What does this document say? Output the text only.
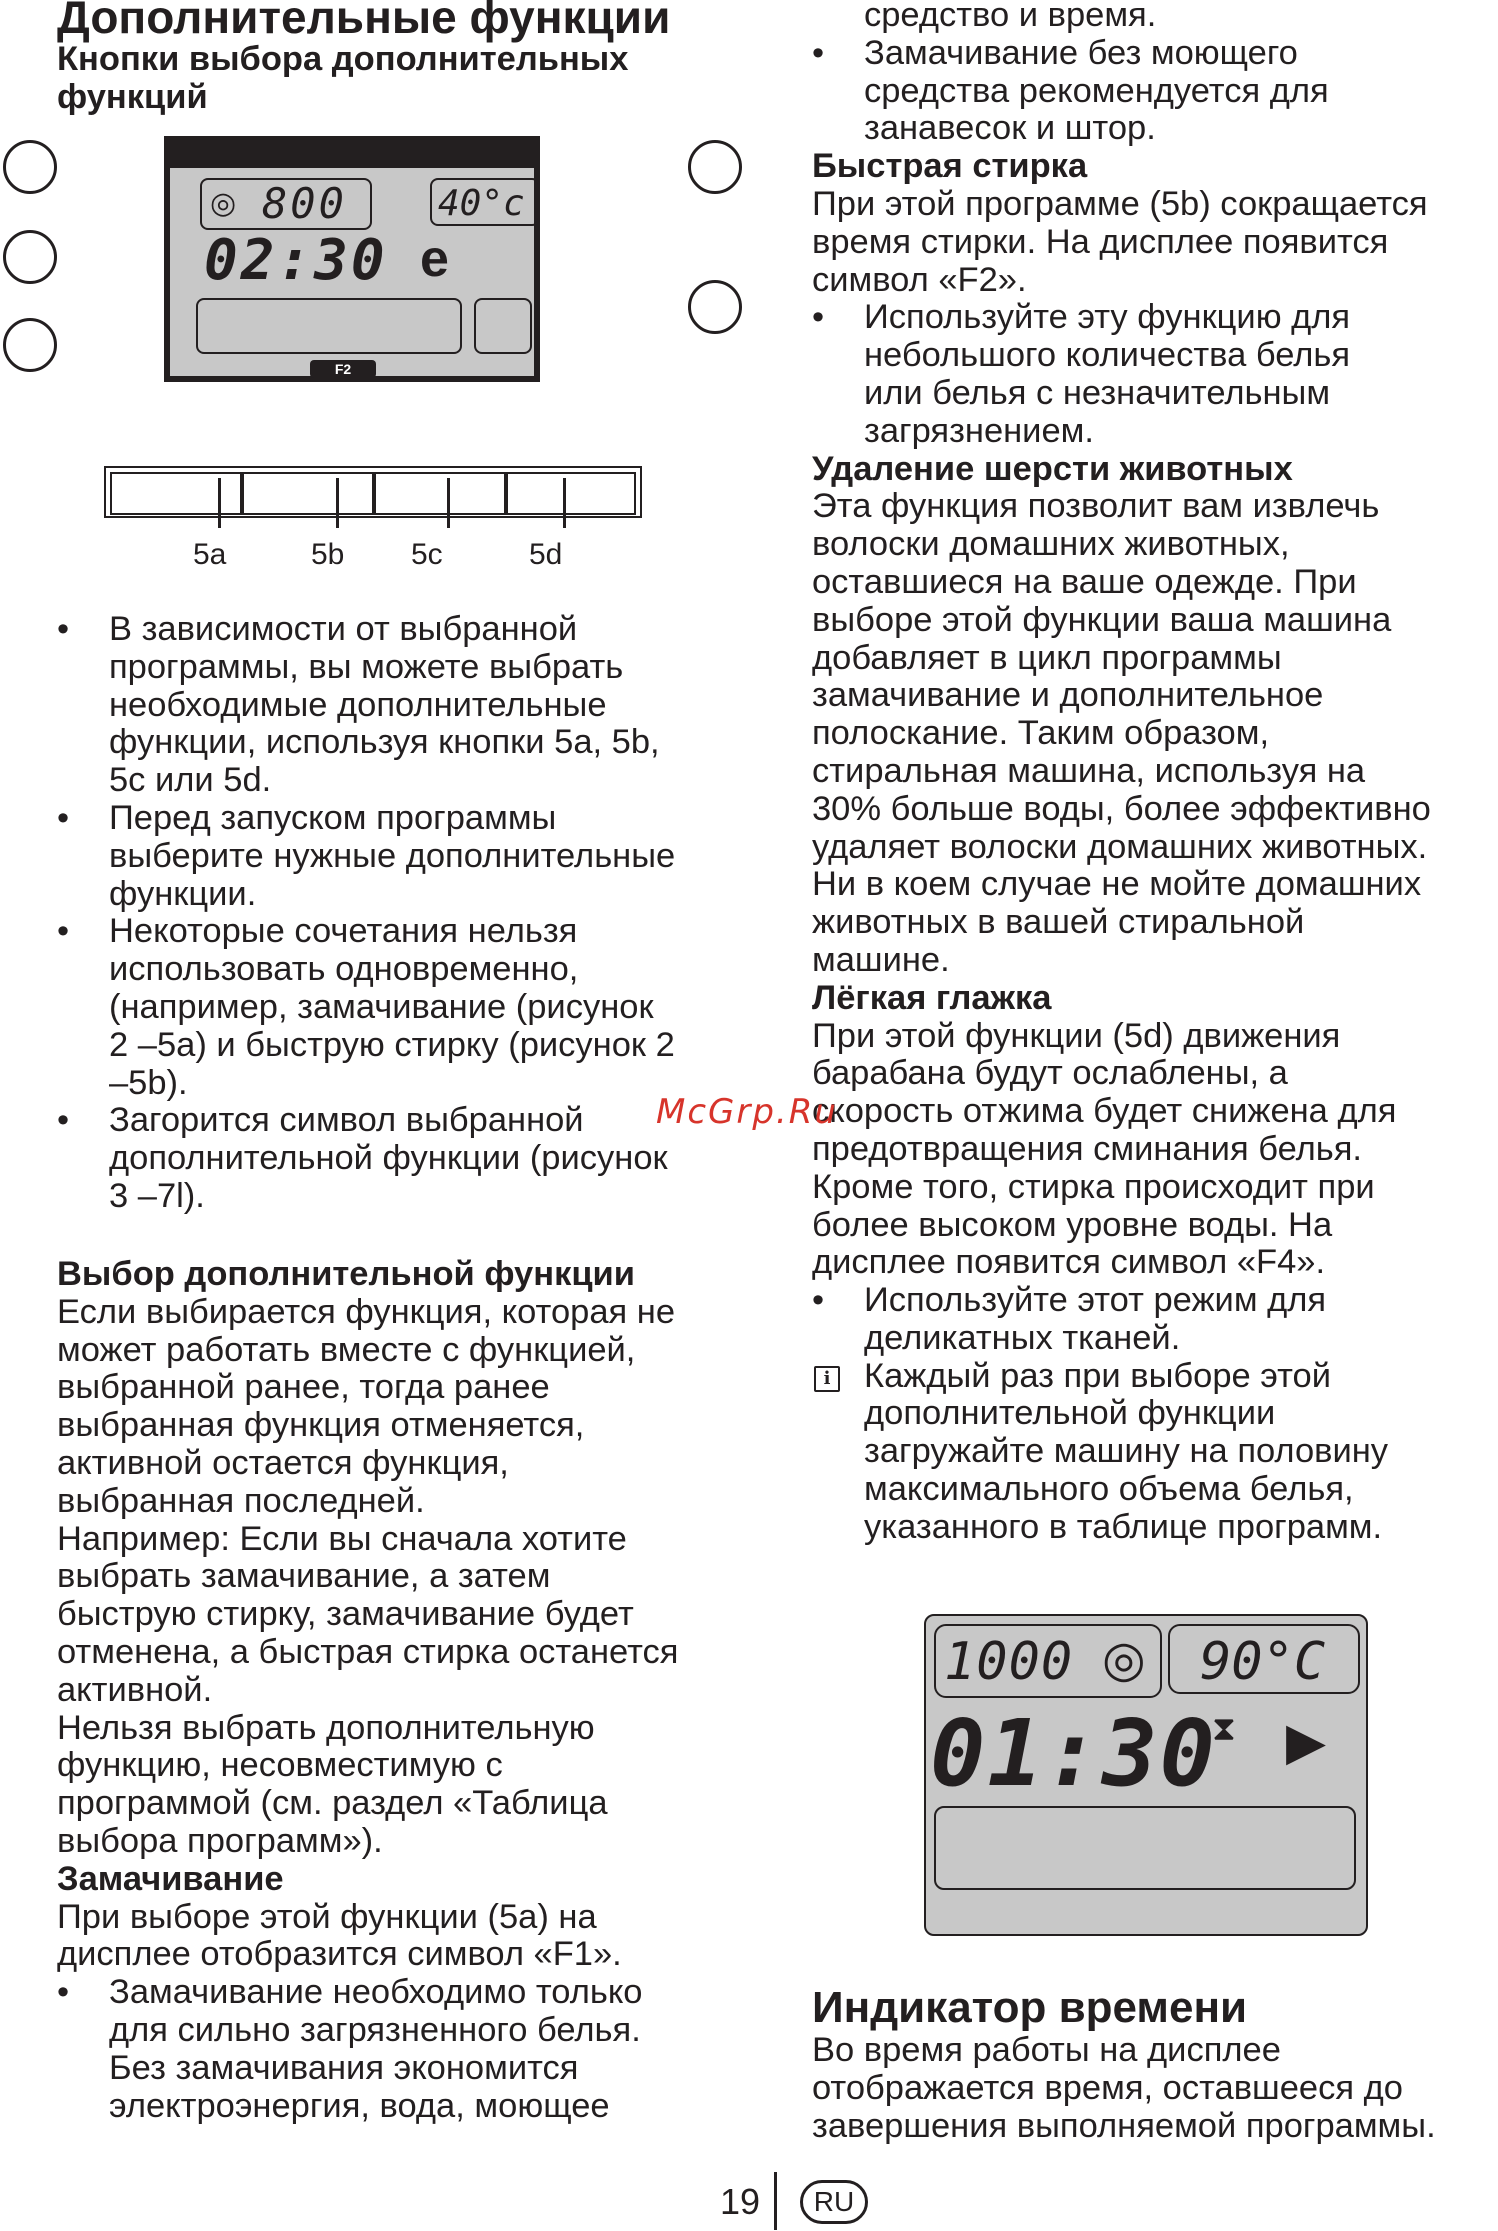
Дополнительные функции
Кнопки выбора дополнительных
функций
◎ 800	40°c
02:30 e
F2
5a	5b 5c	5d
• В зависимости от выбранной

программы, вы можете выбрать

необходимые дополнительные

функции, используя кнопки 5a, 5b,

5c или 5d.

• Перед запуском программы

выберите нужные дополнительные

функции.

• Некоторые сочетания нельзя

использовать одновременно,

(например, замачивание (рисунок

2 –5a) и быструю стирку (рисунок 2

–5b).

• Загорится символ выбранной

дополнительной функции (рисунок

3 –7l).

Выбор дополнительной функции

Если выбирается функция, которая не

может работать вместе с функцией,

выбранной ранее, тогда ранее

выбранная функция отменяется,

активной остается функция,

выбранная последней.

Например: Если вы сначала хотите

выбрать замачивание, а затем

быструю стирку, замачивание будет

отменена, а быстрая стирка останется

активной.

Нельзя выбрать дополнительную

функцию, несовместимую с

программой (см. раздел «Таблица

выбора программ»).

Замачивание

При выборе этой функции (5a) на

дисплее отобразится символ «F1».

• Замачивание необходимо только

для сильно загрязненного белья.

Без замачивания экономится

электроэнергия, вода, моющее

средство и время.

• Замачивание без моющего

средства рекомендуется для

занавесок и штор.

Быстрая стирка

При этой программе (5b) сокращается

время стирки. На дисплее появится

символ «F2».

• Используйте эту функцию для

небольшого количества белья

или белья с незначительным

загрязнением.

Удаление шерсти животных

Эта функция позволит вам извлечь

волоски домашних животных,

оставшиеся на ваше одежде. При

выборе этой функции ваша машина

добавляет в цикл программы

замачивание и дополнительное

полоскание. Таким образом,

стиральная машина, используя на

30% больше воды, более эффективно

удаляет волоски домашних животных.

Ни в коем случае не мойте домашних

животных в вашей стиральной

машине.

Лёгкая глажка

При этой функции (5d) движения

барабана будут ослаблены, а

скорость отжима будет снижена для

предотвращения сминания белья.

Кроме того, стирка происходит при

более высоком уровне воды. На

дисплее появится символ «F4».

• Используйте этот режим для

деликатных тканей.

i Каждый раз при выборе этой

дополнительной функции

загружайте машину на половину

максимального объема белья,

указанного в таблице программ.

1000 ◎ 90°C
01:30
⧗ ▶
Индикатор времени

Во время работы на дисплее

отображается время, оставшееся до

завершения выполняемой программы.

19	RU
McGrp.Ru
